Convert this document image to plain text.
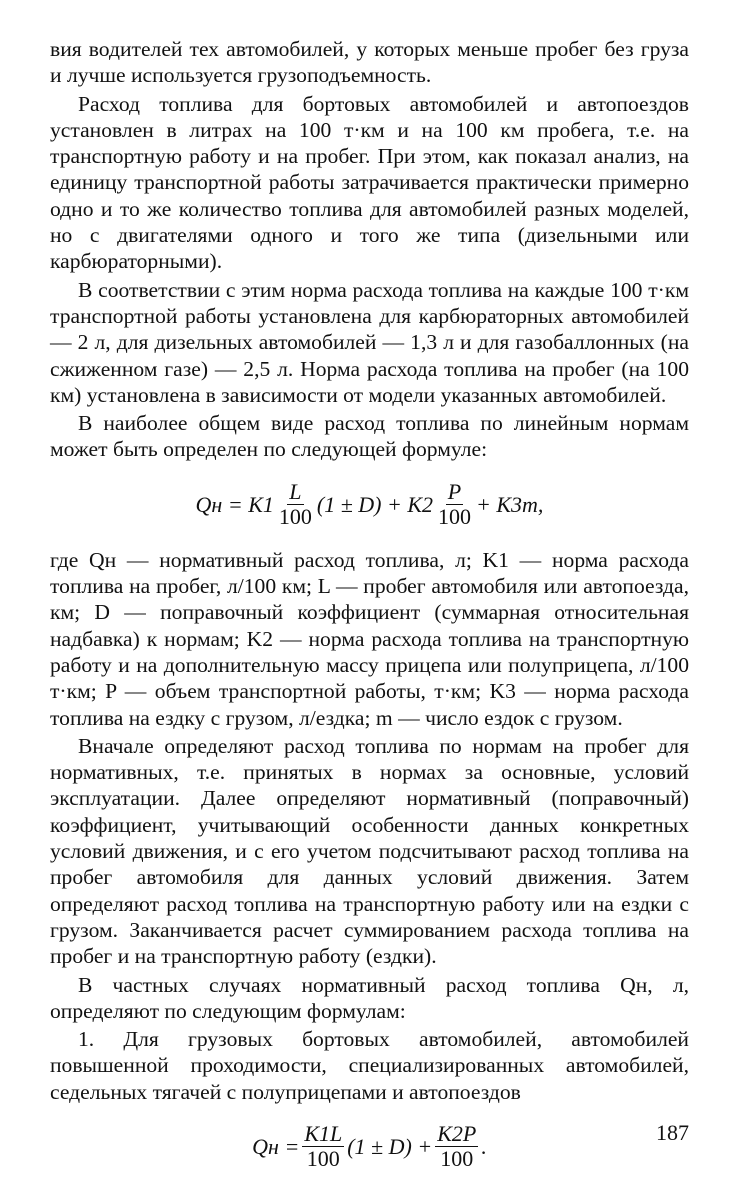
вия водителей тех автомобилей, у которых меньше пробег без груза и лучше используется грузоподъемность.

Расход топлива для бортовых автомобилей и автопоездов установлен в литрах на 100 т·км и на 100 км пробега, т.е. на транспортную работу и на пробег. При этом, как показал анализ, на единицу транспортной работы затрачивается практически примерно одно и то же количество топлива для автомобилей разных моделей, но с двигателями одного и того же типа (дизельными или карбюраторными).

В соответствии с этим норма расхода топлива на каждые 100 т·км транспортной работы установлена для карбюраторных автомобилей — 2 л, для дизельных автомобилей — 1,3 л и для газобаллонных (на сжиженном газе) — 2,5 л. Норма расхода топлива на пробег (на 100 км) установлена в зависимости от модели указанных автомобилей.

В наиболее общем виде расход топлива по линейным нормам может быть определен по следующей формуле:

Qн = $K1 \frac{L}{100} (1 \pm D) + K2 \frac{P}{100} + K3m$,

где Qн — нормативный расход топлива, л; K1 — норма расхода топлива на пробег, л/100 км; L — пробег автомобиля или автопоезда, км; D — поправочный коэффициент (суммарная относительная надбавка) к нормам; K2 — норма расхода топлива на транспортную работу и на дополнительную массу прицепа или полуприцепа, л/100 т·км; P — объем транспортной работы, т·км; K3 — норма расхода топлива на ездку с грузом, л/ездка; m — число ездок с грузом.

Вначале определяют расход топлива по нормам на пробег для нормативных, т.е. принятых в нормах за основные, условий эксплуатации. Далее определяют нормативный (поправочный) коэффициент, учитывающий особенности данных конкретных условий движения, и с его учетом подсчитывают расход топлива на пробег автомобиля для данных условий движения. Затем определяют расход топлива на транспортную работу или на ездки с грузом. Заканчивается расчет суммированием расхода топлива на пробег и на транспортную работу (ездки).

В частных случаях нормативный расход топлива Qн, л, определяют по следующим формулам:

1. Для грузовых бортовых автомобилей, автомобилей повышенной проходимости, специализированных автомобилей, седельных тягачей с полуприцепами и автопоездов

Qн = $\frac{K1L}{100} (1 \pm D) + \frac{K2P}{100}$ .
187
